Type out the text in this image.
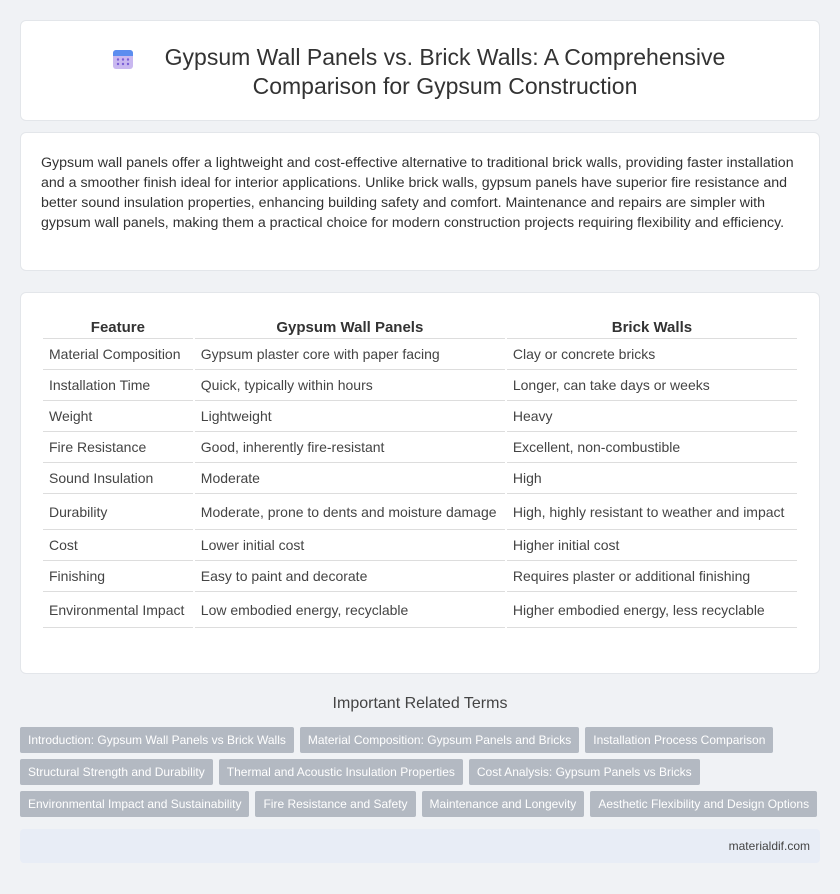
Gypsum Wall Panels vs. Brick Walls: A Comprehensive Comparison for Gypsum Construction

Gypsum wall panels offer a lightweight and cost-effective alternative to traditional brick walls, providing faster installation and a smoother finish ideal for interior applications. Unlike brick walls, gypsum panels have superior fire resistance and better sound insulation properties, enhancing building safety and comfort. Maintenance and repairs are simpler with gypsum wall panels, making them a practical choice for modern construction projects requiring flexibility and efficiency.

Feature	Gypsum Wall Panels	Brick Walls
Material Composition	Gypsum plaster core with paper facing	Clay or concrete bricks
Installation Time	Quick, typically within hours	Longer, can take days or weeks
Weight	Lightweight	Heavy
Fire Resistance	Good, inherently fire-resistant	Excellent, non-combustible
Sound Insulation	Moderate	High
Durability	Moderate, prone to dents and moisture damage	High, highly resistant to weather and impact
Cost	Lower initial cost	Higher initial cost
Finishing	Easy to paint and decorate	Requires plaster or additional finishing
Environmental Impact	Low embodied energy, recyclable	Higher embodied energy, less recyclable
Important Related Terms
Introduction: Gypsum Wall Panels vs Brick Walls	Material Composition: Gypsum Panels and Bricks	Installation Process Comparison
Structural Strength and Durability	Thermal and Acoustic Insulation Properties	Cost Analysis: Gypsum Panels vs Bricks
Environmental Impact and Sustainability	Fire Resistance and Safety	Maintenance and Longevity	Aesthetic Flexibility and Design Options
materialdif.com
